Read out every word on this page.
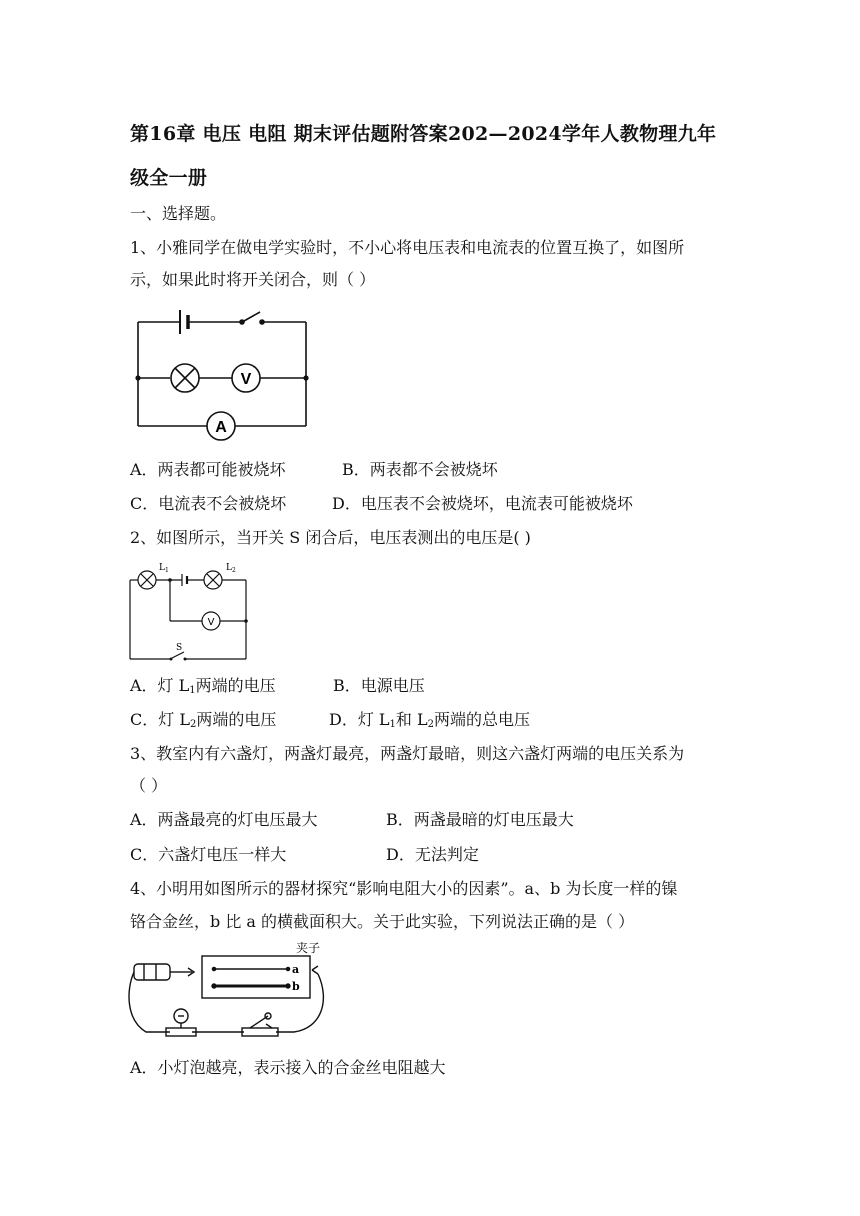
第16章 电压 电阻 期末评估题附答案202—2024学年人教物理九年
级全一册
一、选择题。
1、小雅同学在做电学实验时，不小心将电压表和电流表的位置互换了，如图所
示，如果此时将开关闭合，则（ ）
V
A
A．两表都可能被烧坏	B．两表都不会被烧坏
C．电流表不会被烧坏	D．电压表不会被烧坏，电流表可能被烧坏
2、如图所示，当开关 S 闭合后，电压表测出的电压是( )
$L_1$	$L_2$
V
S
A．灯 $L_1$两端的电压	B．电源电压
C．灯 $L_2$两端的电压	D．灯 $L_1$和 $L_2$两端的总电压
3、教室内有六盏灯，两盏灯最亮，两盏灯最暗，则这六盏灯两端的电压关系为
（ ）
A．两盏最亮的灯电压最大	B．两盏最暗的灯电压最大
C．六盏灯电压一样大	D．无法判定
4、小明用如图所示的器材探究“影响电阻大小的因素”。a、b 为长度一样的镍
铬合金丝，b 比 a 的横截面积大。关于此实验，下列说法正确的是（ ）
夹子
a
b
A．小灯泡越亮，表示接入的合金丝电阻越大
